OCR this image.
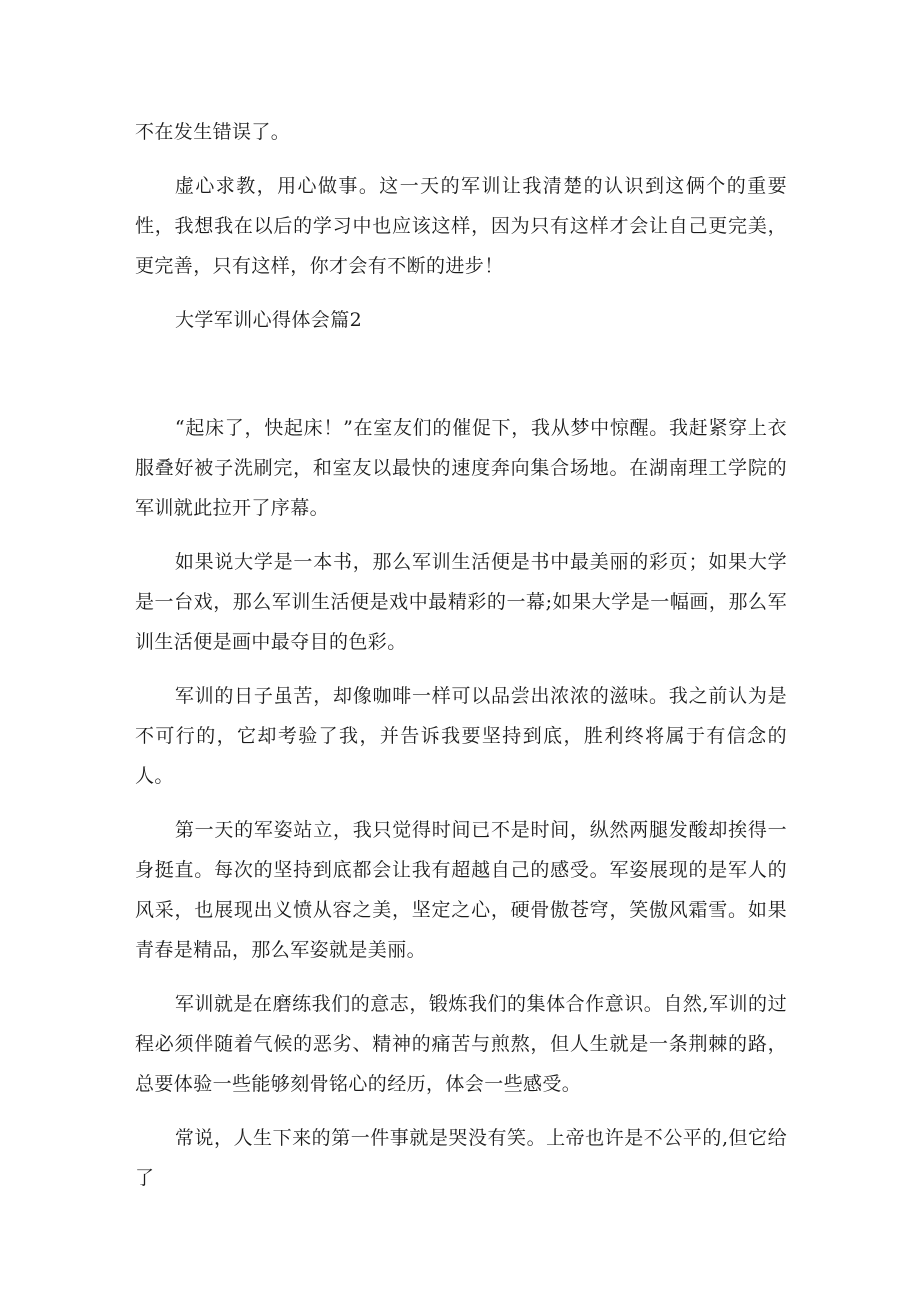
不在发生错误了。

虚心求教，用心做事。这一天的军训让我清楚的认识到这俩个的重要性，我想我在以后的学习中也应该这样，因为只有这样才会让自己更完美，更完善，只有这样，你才会有不断的进步！

大学军训心得体会篇2

“起床了，快起床！”在室友们的催促下，我从梦中惊醒。我赶紧穿上衣服叠好被子洗刷完，和室友以最快的速度奔向集合场地。在湖南理工学院的军训就此拉开了序幕。

如果说大学是一本书，那么军训生活便是书中最美丽的彩页；如果大学是一台戏，那么军训生活便是戏中最精彩的一幕;如果大学是一幅画，那么军训生活便是画中最夺目的色彩。

军训的日子虽苦，却像咖啡一样可以品尝出浓浓的滋味。我之前认为是不可行的，它却考验了我，并告诉我要坚持到底，胜利终将属于有信念的人。

第一天的军姿站立，我只觉得时间已不是时间，纵然两腿发酸却挨得一身挺直。每次的坚持到底都会让我有超越自己的感受。军姿展现的是军人的风采，也展现出义愤从容之美，坚定之心，硬骨傲苍穹，笑傲风霜雪。如果青春是精品，那么军姿就是美丽。

军训就是在磨练我们的意志，锻炼我们的集体合作意识。自然,军训的过程必须伴随着气候的恶劣、精神的痛苦与煎熬，但人生就是一条荆棘的路，总要体验一些能够刻骨铭心的经历，体会一些感受。

常说，人生下来的第一件事就是哭没有笑。上帝也许是不公平的,但它给了
